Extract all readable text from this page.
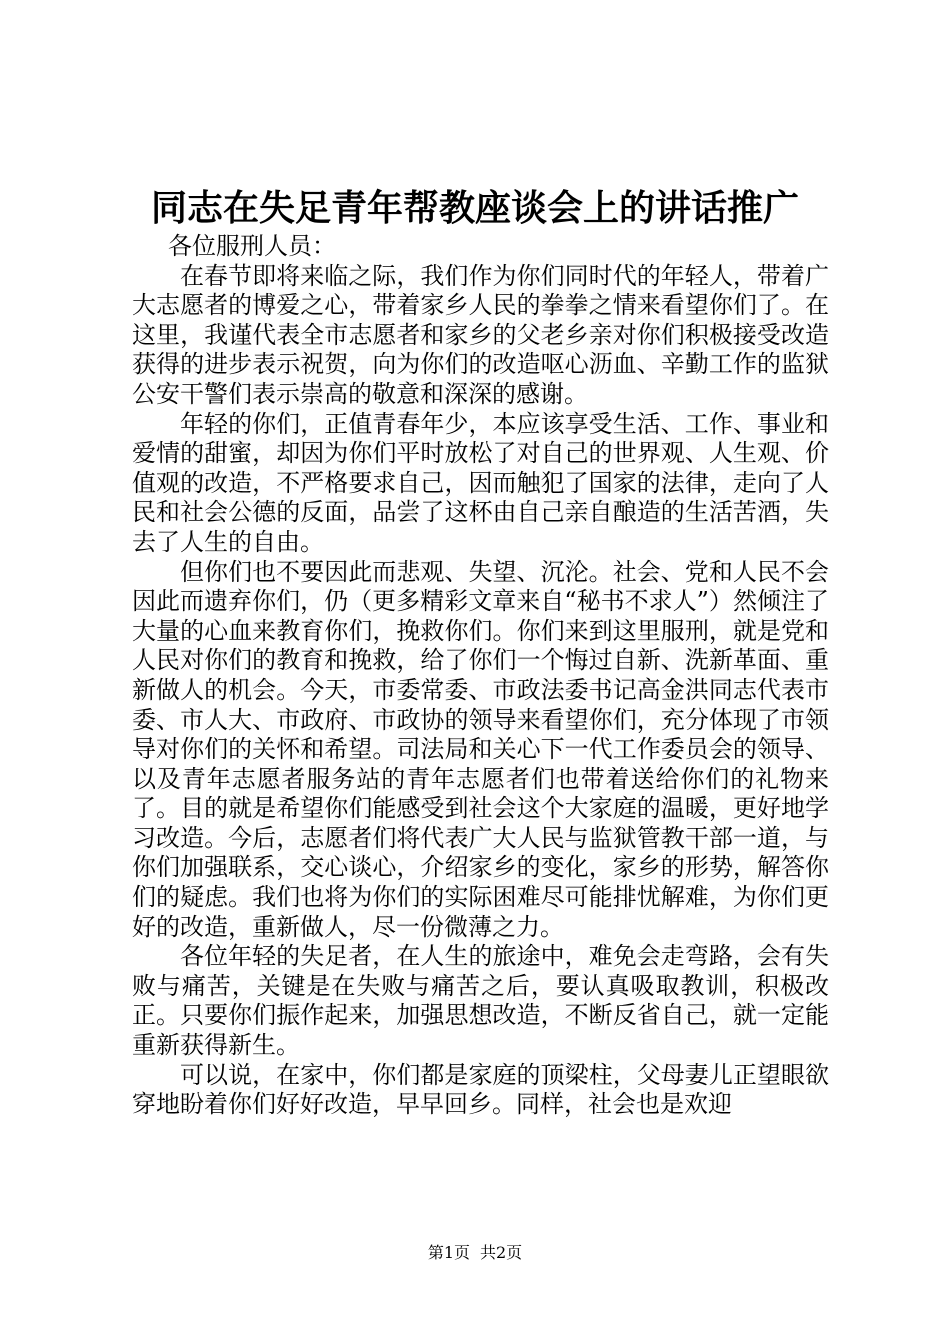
同志在失足青年帮教座谈会上的讲话推广

各位服刑人员：

在春节即将来临之际，我们作为你们同时代的年轻人，带着广大志愿者的博爱之心，带着家乡人民的拳拳之情来看望你们了。在这里，我谨代表全市志愿者和家乡的父老乡亲对你们积极接受改造获得的进步表示祝贺，向为你们的改造呕心沥血、辛勤工作的监狱公安干警们表示崇高的敬意和深深的感谢。

年轻的你们，正值青春年少，本应该享受生活、工作、事业和爱情的甜蜜，却因为你们平时放松了对自己的世界观、人生观、价值观的改造，不严格要求自己，因而触犯了国家的法律，走向了人民和社会公德的反面，品尝了这杯由自己亲自酿造的生活苦酒，失去了人生的自由。

但你们也不要因此而悲观、失望、沉沦。社会、党和人民不会因此而遗弃你们，仍（更多精彩文章来自“秘书不求人”）然倾注了大量的心血来教育你们，挽救你们。你们来到这里服刑，就是党和人民对你们的教育和挽救，给了你们一个悔过自新、洗新革面、重新做人的机会。今天，市委常委、市政法委书记高金洪同志代表市委、市人大、市政府、市政协的领导来看望你们，充分体现了市领导对你们的关怀和希望。司法局和关心下一代工作委员会的领导、以及青年志愿者服务站的青年志愿者们也带着送给你们的礼物来了。目的就是希望你们能感受到社会这个大家庭的温暖，更好地学习改造。今后，志愿者们将代表广大人民与监狱管教干部一道，与你们加强联系，交心谈心，介绍家乡的变化，家乡的形势，解答你们的疑虑。我们也将为你们的实际困难尽可能排忧解难，为你们更好的改造，重新做人，尽一份微薄之力。

各位年轻的失足者，在人生的旅途中，难免会走弯路，会有失败与痛苦，关键是在失败与痛苦之后，要认真吸取教训，积极改正。只要你们振作起来，加强思想改造，不断反省自己，就一定能重新获得新生。

可以说，在家中，你们都是家庭的顶梁柱，父母妻儿正望眼欲穿地盼着你们好好改造，早早回乡。同样，社会也是欢迎

第1页 共2页
